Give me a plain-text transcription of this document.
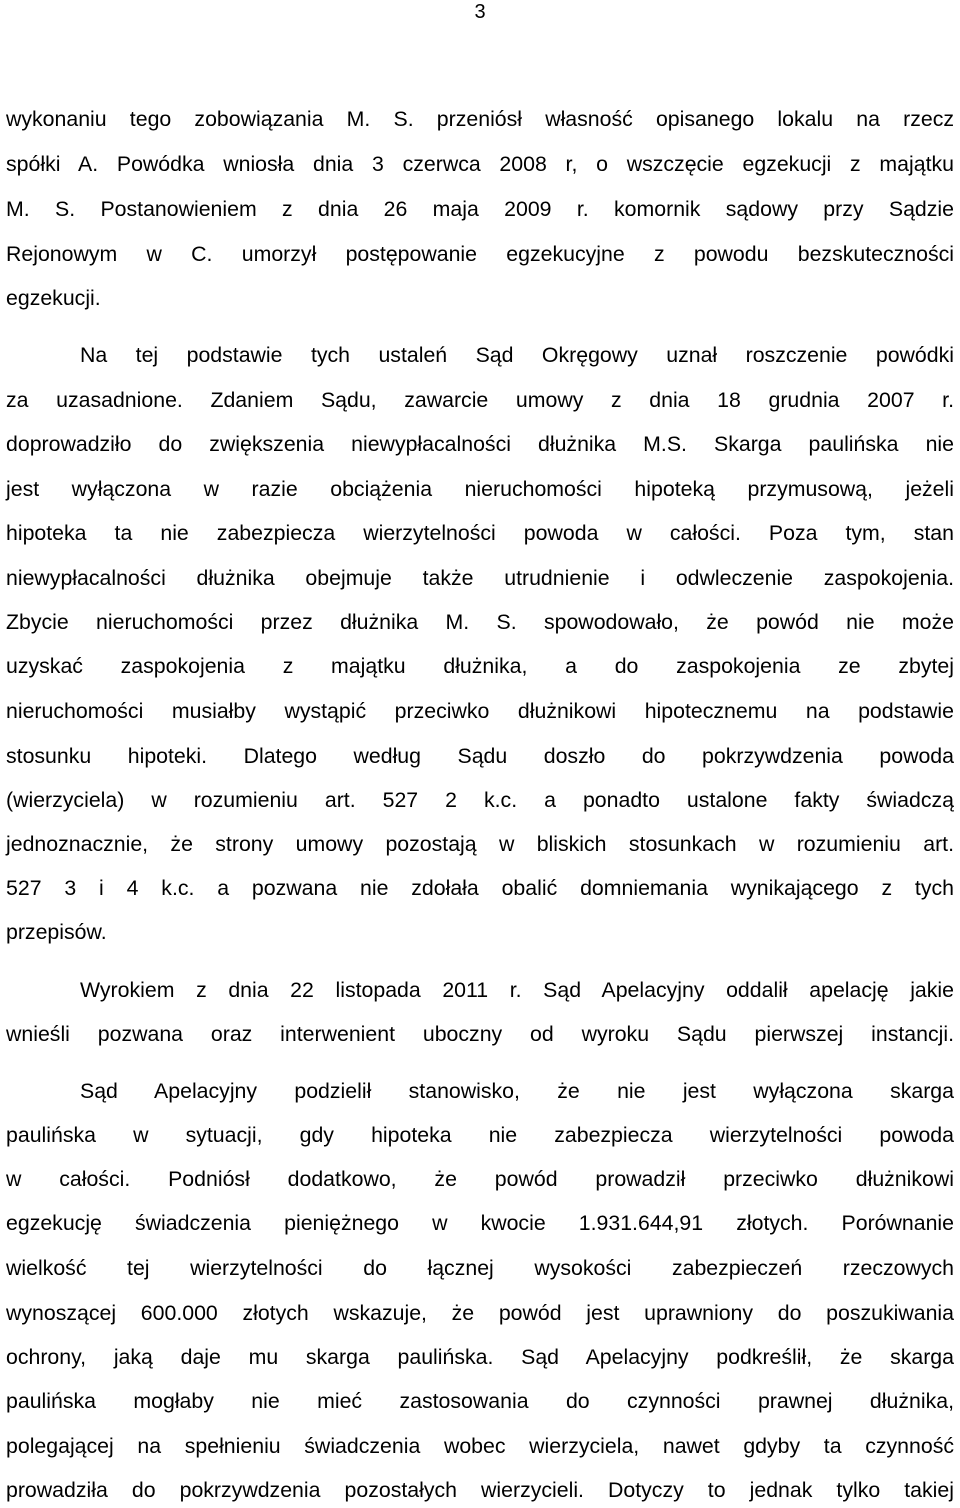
3
wykonaniu tego zobowiązania M. S. przeniósł własność opisanego lokalu na rzecz
spółki A. Powódka wniosła dnia 3 czerwca 2008 r, o wszczęcie egzekucji z majątku
M. S. Postanowieniem z dnia 26 maja 2009 r. komornik sądowy przy Sądzie
Rejonowym w C. umorzył postępowanie egzekucyjne z powodu bezskuteczności
egzekucji.
Na tej podstawie tych ustaleń Sąd Okręgowy uznał roszczenie powódki
za uzasadnione. Zdaniem Sądu, zawarcie umowy z dnia 18 grudnia 2007 r.
doprowadziło do zwiększenia niewypłacalności dłużnika M.S. Skarga paulińska nie
jest wyłączona w razie obciążenia nieruchomości hipoteką przymusową, jeżeli
hipoteka ta nie zabezpiecza wierzytelności powoda w całości. Poza tym, stan
niewypłacalności dłużnika obejmuje także utrudnienie i odwleczenie zaspokojenia.
Zbycie nieruchomości przez dłużnika M. S. spowodowało, że powód nie może
uzyskać zaspokojenia z majątku dłużnika, a do zaspokojenia ze zbytej
nieruchomości musiałby wystąpić przeciwko dłużnikowi hipotecznemu na podstawie
stosunku hipoteki. Dlatego według Sądu doszło do pokrzywdzenia powoda
(wierzyciela) w rozumieniu art. 527 2 k.c. a ponadto ustalone fakty świadczą
jednoznacznie, że strony umowy pozostają w bliskich stosunkach w rozumieniu art.
527 3 i 4 k.c. a pozwana nie zdołała obalić domniemania wynikającego z tych
przepisów.
Wyrokiem z dnia 22 listopada 2011 r. Sąd Apelacyjny oddalił apelację jakie
wnieśli pozwana oraz interwenient uboczny od wyroku Sądu pierwszej instancji.
Sąd Apelacyjny podzielił stanowisko, że nie jest wyłączona skarga
paulińska w sytuacji, gdy hipoteka nie zabezpiecza wierzytelności powoda
w całości. Podniósł dodatkowo, że powód prowadził przeciwko dłużnikowi
egzekucję świadczenia pieniężnego w kwocie 1.931.644,91 złotych. Porównanie
wielkość tej wierzytelności do łącznej wysokości zabezpieczeń rzeczowych
wynoszącej 600.000 złotych wskazuje, że powód jest uprawniony do poszukiwania
ochrony, jaką daje mu skarga paulińska. Sąd Apelacyjny podkreślił, że skarga
paulińska mogłaby nie mieć zastosowania do czynności prawnej dłużnika,
polegającej na spełnieniu świadczenia wobec wierzyciela, nawet gdyby ta czynność
prowadziła do pokrzywdzenia pozostałych wierzycieli. Dotyczy to jednak tylko takiej
